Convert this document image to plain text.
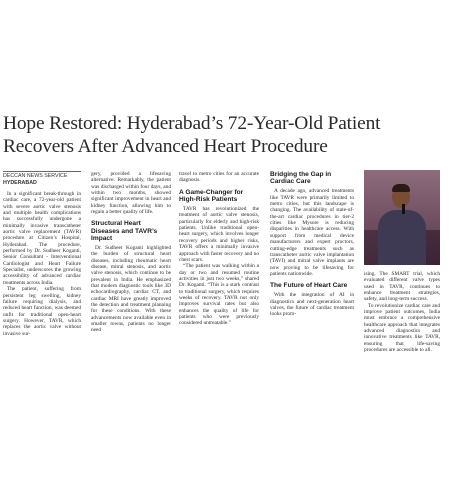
Hope Restored: Hyderabad’s 72-Year-Old Patient
Recovers After Advanced Heart Procedure
DECCAN NEWS SERVICE
HYDERABAD

In a significant break-through in cardiac care, a 72-year-old patient with severe aortic valve stenosis and multiple health complications has successfully undergone a minimally invasive transcatheter aortic valve replacement (TAVR) procedure at Citizen’s Hospital, Hyderabad. The procedure, performed by Dr. Sudheer Koganti, Senior Consultant - Interventional Cardiologist and Heart Failure Specialist, underscores the growing accessibility of advanced cardiac treatments across India.

The patient, suffering from persistent leg swelling, kidney failure requiring dialysis, and reduced heart function, was deemed unfit for traditional open-heart surgery. However, TAVR, which replaces the aortic valve without invasive sur-

gery, provided a lifesaving alternative. Remarkably, the patient was discharged within four days, and within two months, showed significant improvement in heart and kidney function, allowing him to regain a better quality of life.

Structural Heart Diseases and TAVR’s Impact

Dr. Sudheer Koganti highlighted the burden of structural heart diseases, including rheumatic heart disease, mitral stenosis, and aortic valve stenosis, which continue to be prevalent in India. He emphasized that modern diagnostic tools like 3D echocardiography, cardiac CT, and cardiac MRI have greatly improved the detection and treatment planning for these conditions. With these advancements now available even in smaller towns, patients no longer need

travel to metro cities for an accurate diagnosis.

A Game-Changer for High-Risk Patients

TAVR has revolutionized the treatment of aortic valve stenosis, particularly for elderly and high-risk patients. Unlike traditional open-heart surgery, which involves longer recovery periods and higher risks, TAVR offers a minimally invasive approach with faster recovery and no chest scars.

“The patient was walking within a day or two and resumed routine activities in just two weeks,” shared Dr. Koganti. “This is a stark contrast to traditional surgery, which requires weeks of recovery. TAVR not only improves survival rates but also enhances the quality of life for patients who were previously considered untreatable.”

Bridging the Gap in Cardiac Care

A decade ago, advanced treatments like TAVR were primarily limited to metro cities, but this landscape is changing. The availability of state-of-the-art cardiac procedures in tier-2 cities like Mysore is reducing disparities in healthcare access. With support from medical device manufacturers and expert proctors, cutting-edge treatments such as transcatheter aortic valve implantation (TAVI) and mitral valve implants are now proving to be lifesaving for patients nationwide.

The Future of Heart Care

With the integration of AI in diagnostics and next-generation heart valves, the future of cardiac treatment looks prom-

ising. The SMART trial, which evaluated different valve types used in TAVR, continues to enhance treatment strategies, safety, and long-term success.

To revolutionize cardiac care and improve patient outcomes, India must embrace a comprehensive healthcare approach that integrates advanced diagnostics and innovative treatments like TAVR, ensuring that life-saving procedures are accessible to all.
